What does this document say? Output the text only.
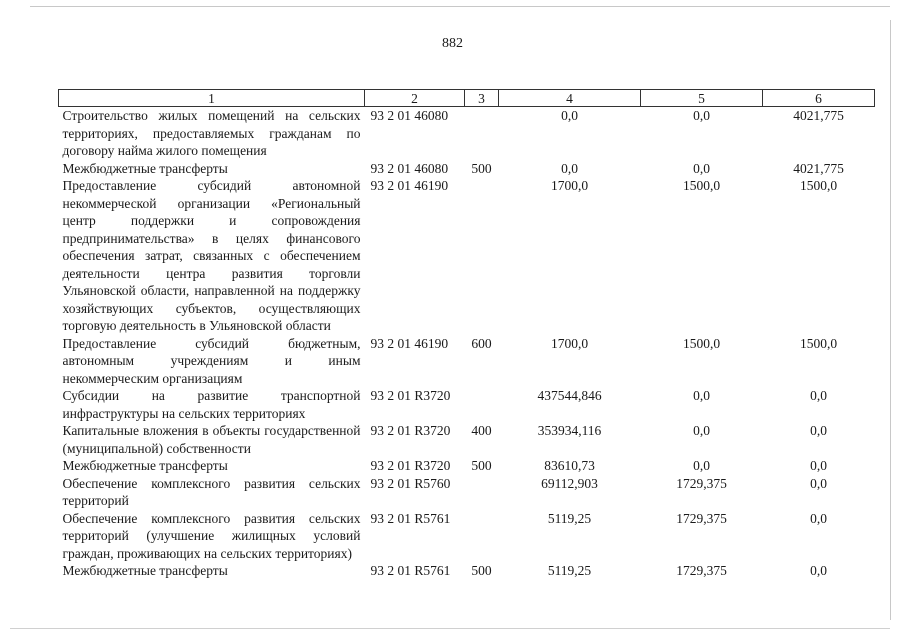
882
1	2	3	4	5	6
Строительство жилых помещений на сельских территориях, предоставляемых гражданам по договору найма жилого помещения	93 2 01 46080		0,0	0,0	4021,775
Межбюджетные трансферты	93 2 01 46080	500	0,0	0,0	4021,775
Предоставление субсидий автономной некоммерческой организации «Региональный центр поддержки и сопровождения предпринимательства» в целях финансового обеспечения затрат, связанных с обеспечением деятельности центра развития торговли Ульяновской области, направленной на поддержку хозяйствующих субъектов, осуществляющих торговую деятельность в Ульяновской области	93 2 01 46190		1700,0	1500,0	1500,0
Предоставление субсидий бюджетным, автономным учреждениям и иным некоммерческим организациям	93 2 01 46190	600	1700,0	1500,0	1500,0
Субсидии на развитие транспортной инфраструктуры на сельских территориях	93 2 01 R3720		437544,846	0,0	0,0
Капитальные вложения в объекты государственной (муниципальной) собственности	93 2 01 R3720	400	353934,116	0,0	0,0
Межбюджетные трансферты	93 2 01 R3720	500	83610,73	0,0	0,0
Обеспечение комплексного развития сельских территорий	93 2 01 R5760		69112,903	1729,375	0,0
Обеспечение комплексного развития сельских территорий (улучшение жилищных условий граждан, проживающих на сельских территориях)	93 2 01 R5761		5119,25	1729,375	0,0
Межбюджетные трансферты	93 2 01 R5761	500	5119,25	1729,375	0,0
